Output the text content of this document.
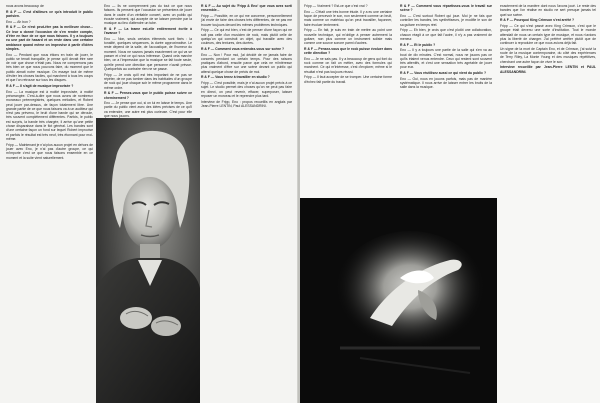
nous avons beaucoup de

R & F — C'est d'ailleurs ce qu'a introduit le public parisien.

Eno — Ah bon ?

R & F — Ce n'est peut-être pas la meilleure chose... Ce leur a donné l'occasion de s'en rendre compte, d'être en face de ce que nous faisons. Il y a toujours eu une part de hasard et on reste dans une certaine ambiance quand même on improvise à partir d'idées simples.

Eno — Pendant que nous étions en train de jouer, le public se tenait tranquille, je pense qu'il devait être rare de voir que chose n'était pas. Nous ne comprenons pas très bien ce que nous pouvons faire, du moment que le public aimait notre musique. On essaye tout de même d'éviter les choses faciles, qui marchent à tous les coups et que l'on retrouve sur tous les disques.

R & F — Il s'agit de musique improvisée ?

Eno — La musique est à moitié improvisée, à moitié préarrangée. C'est-à-dire que nous avons de nombreux morceaux préenregistrés, quelques mélodies, et Robert peut jouer par-dessus, de façon totalement libre. Une grande partie de ce que nous faisons va à un auditeur qui n'est pas prévenu, le bruit d'une bande qui se déroule, très souvent complètement différentes. Parfois, le public est surpris, la bande très chargée, il arrive qu'une petite chose disparaisse dans le flot général. Les bandes sont d'une certaine façon un fond sur lequel Robert improvise et parfois le résultat est très neuf, très étonnant pour moi-même.

Fripp — Maintenant je n'ai plus aucun projet en dehors de jouer avec Eno, je n'ai pas d'autre groupe, ce qui m'importe c'est ce que nous faisons ensemble en ce moment et la suite vient naturellement.

Eno — Ils ne comprennent pas du tout ce que nous faisons. Ils pensent que l'occasion se présentera de jouer dans le cadre d'un véritable concert, avec un public qui écoute vraiment, qui accepte de se laisser prendre par la musique au lieu d'attendre un tube.

R & F — La trame est-elle entièrement écrite à l'avance ?

Eno — Non, seuls certains éléments sont fixés : la tonalité, quelques séquences, la durée approximative. Le reste dépend de la salle, de l'acoustique, de l'humeur du moment. Nous ne savons jamais exactement ce qui va se passer et c'est ce qui nous intéresse. Quand cela marche bien, on a l'impression que la musique se fait toute seule, qu'elle prend une direction que personne n'avait prévue. Quelquefois au contraire rien ne se passe.

Fripp — Je crois qu'il est très important de ne pas se répéter, de ne pas tomber dans les habitudes d'un groupe de rock qui joue chaque soir le même programme dans le même ordre.

R & F — Pensez-vous que le public puisse suivre ce cheminement ?

Eno — Je pense que oui, si on lui en laisse le temps. Une partie du public vient avec des idées précises de ce qu'il va entendre, une autre est plus curieuse. C'est pour elle que nous jouons.

R & F — Au sujet du 'Fripp & Eno' que vous avez sorti ensemble...

Fripp — Possible, en ce qui me concerne, personnellement j'ai envie de faire des choses très différentes, de ne pas me trouver toujours devant les mêmes problèmes techniques.

Fripp — Ce qui est bien, c'est de penser d'une façon qui ne soit pas celle d'un musicien de rock, mais plutôt celle de quelqu'un qui construit un objet, qui travaille avec des couleurs, des textures, des durées.

R & F — Comment vous entendez-vous sur scène ?

Eno — Non ! Pour moi, j'ai décidé de ne jamais faire de concerts pendant un certain temps. Pour des raisons pratiques d'abord, ensuite parce que cela ne m'intéresse plus vraiment d'être sur une scène devant un public qui attend quelque chose de précis de moi.

R & F — Vous tenez à travailler en studio ?

Fripp — C'est possible, mais je n'ai aucun projet précis à ce sujet. Le studio permet des choses qu'on ne peut pas faire en direct, on peut revenir, effacer, superposer, laisser reposer un morceau et le reprendre plus tard.

Interview de Fripp, Eno : propos recueillis en anglais par Jean-Pierre LENTIN, Paul ALESSANDRINI.

Fripp — Vraiment ? Est-ce que c'est vrai ?

Eno — C'était une très bonne étude. Il y a eu une certaine façon de percevoir le son, non seulement comme un bruit, mais comme un matériau qu'on peut travailler, façonner, faire évoluer lentement.

Fripp — En fait, je suis en train de mettre au point une nouvelle technique, qui m'oblige à penser autrement la guitare, non plus comme un instrument soliste mais comme une source sonore parmi d'autres.

R & F — Pensez-vous que le rock puisse évoluer dans cette direction ?

Eno — Je ne sais pas. Il y a beaucoup de gens qui font du rock comme on fait un métier, avec des formules qui marchent. Ce qui m'intéresse, c'est d'explorer, même si le résultat n'est pas toujours réussi.

Fripp — Il faut accepter de se tromper. Une certaine forme d'échec fait partie du travail.

R & F — Comment vous répartissez-vous le travail sur scène ?

Eno — C'est surtout Robert qui joue. Moi je ne fais que contrôler les bandes, les synthétiseurs, je modifie le son de sa guitare en temps réel.

Fripp — Eh bien, je crois que c'est plutôt une collaboration, chacun réagit à ce que fait l'autre, il n'y a pas vraiment de meneur.

R & F — Et le public ?

Eno — Il y a toujours une partie de la salle qui s'en va au bout de dix minutes. C'est normal, nous ne jouons pas ce qu'ils étaient venus entendre. Ceux qui restent sont souvent très attentifs, et c'est une sensation très agréable de jouer pour eux.

R & F — Vous réutilisez aussi ce qui vient du public ?

Eno — Oui, nous en jouons parfois, mais pas de manière systématique. Il nous arrive de laisser entrer les bruits de la salle dans la musique.

exactement de la manière dont nous l'avons joué. Le reste des bandes que l'on réalise en studio ne sert presque jamais tel quel sur scène.

R & F — Pourquoi King Crimson s'est arrêté ?

Fripp — Ce qui s'est passé avec King Crimson, c'est que le groupe était devenu une sorte d'institution. Tout le monde attendait de nous un certain type de musique, et nous n'avions plus la liberté de changer. J'ai préféré arrêter plutôt que de continuer à reproduire ce que nous avions déjà fait.

Un signe de la mort de Captain Eno, et de Crimson, j'ai suivi la route de la musique contemporaine, du côté des expériences de Terry Riley, La Monte Young et des musiques répétitives, cherchant une autre façon de vivre le son.

Interview recueillie par Jean-Pierre LENTIN et PAUL ALESSANDRINI.
